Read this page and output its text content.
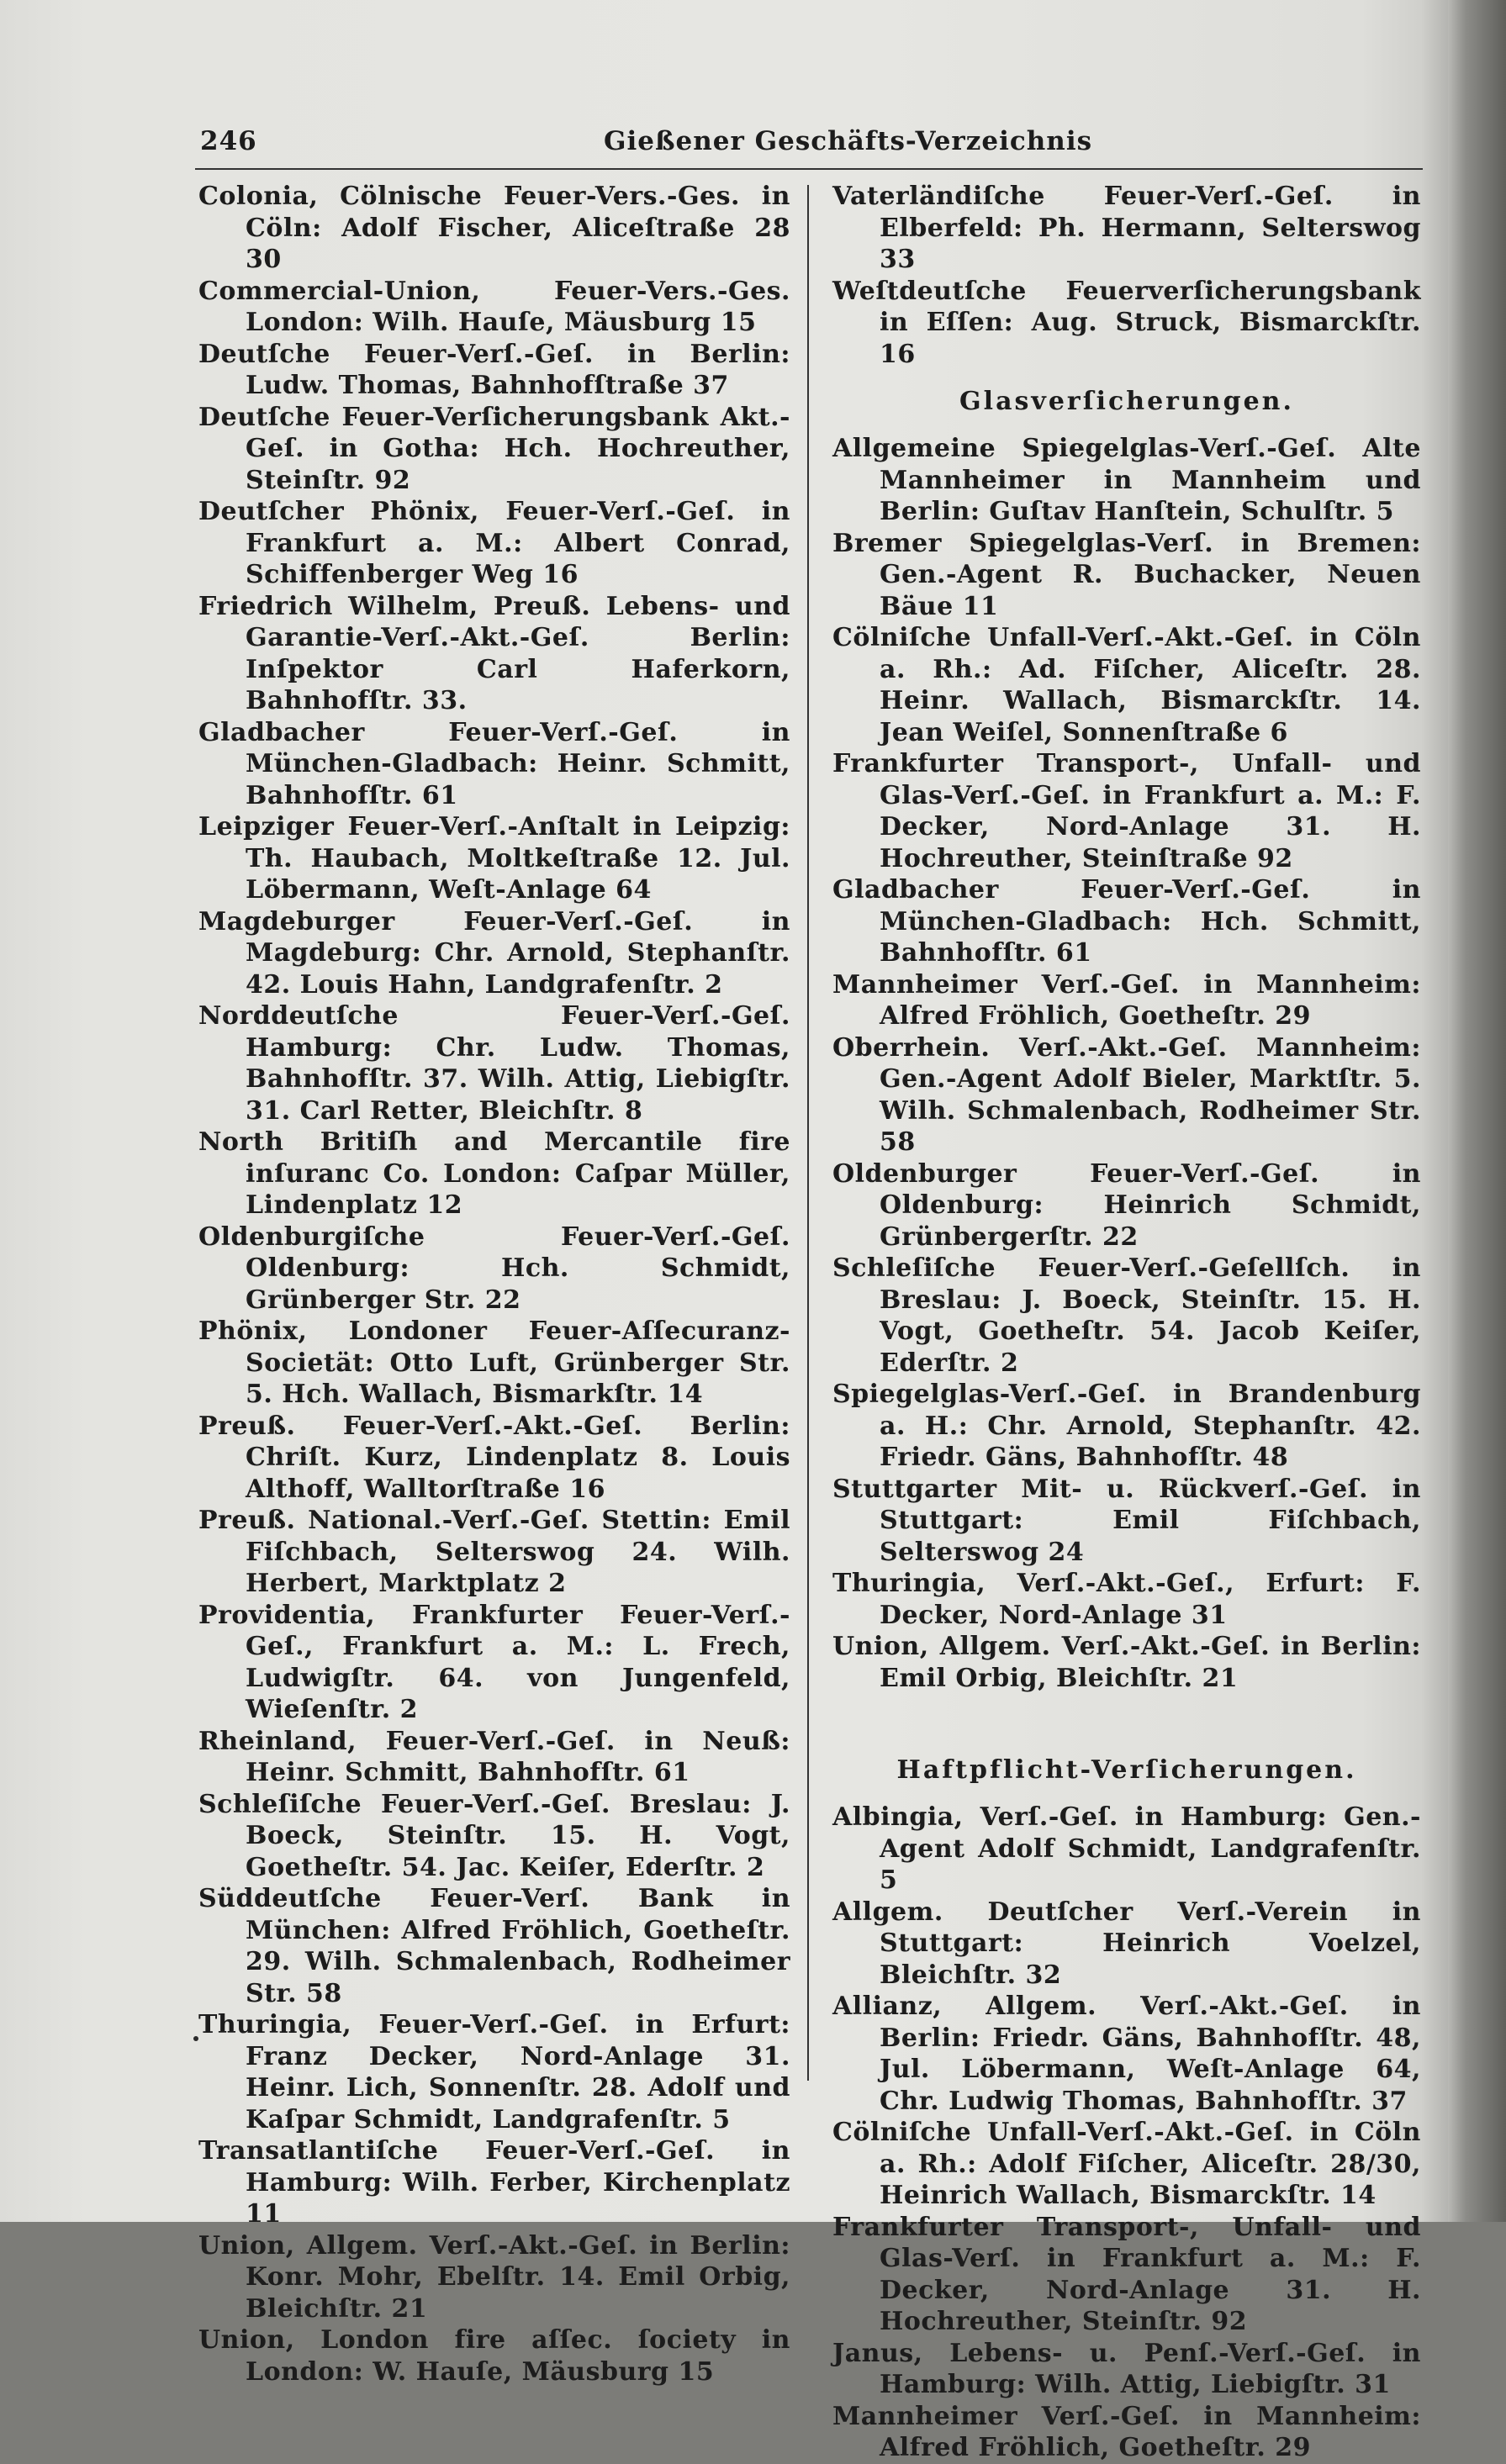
246	Gießener Geschäfts-Verzeichnis

Colonia, Cölnische Feuer-Vers.-Ges. in Cöln: Adolf Fischer, Aliceſtraße 28 30

Commercial-Union, Feuer-Vers.-Ges. London: Wilh. Hauſe, Mäusburg 15

Deutſche Feuer-Verſ.-Geſ. in Berlin: Ludw. Thomas, Bahnhofſtraße 37

Deutſche Feuer-Verſicherungsbank Akt.-Geſ. in Gotha: Hch. Hochreuther, Steinſtr. 92

Deutſcher Phönix, Feuer-Verſ.-Geſ. in Frankfurt a. M.: Albert Conrad, Schiffenberger Weg 16

Friedrich Wilhelm, Preuß. Lebens- und Garantie-Verſ.-Akt.-Geſ. Berlin: Inſpektor Carl Haferkorn, Bahnhofſtr. 33.

Gladbacher Feuer-Verſ.-Geſ. in München-Gladbach: Heinr. Schmitt, Bahnhofſtr. 61

Leipziger Feuer-Verſ.-Anſtalt in Leipzig: Th. Haubach, Moltkeſtraße 12. Jul. Löbermann, Weſt-Anlage 64

Magdeburger Feuer-Verſ.-Geſ. in Magdeburg: Chr. Arnold, Stephanſtr. 42. Louis Hahn, Landgrafenſtr. 2

Norddeutſche Feuer-Verſ.-Geſ. Hamburg: Chr. Ludw. Thomas, Bahnhofſtr. 37. Wilh. Attig, Liebigſtr. 31. Carl Retter, Bleichſtr. 8

North Britiſh and Mercantile fire inſuranc Co. London: Caſpar Müller, Lindenplatz 12

Oldenburgiſche Feuer-Verſ.-Geſ. Oldenburg: Hch. Schmidt, Grünberger Str. 22

Phönix, Londoner Feuer-Aſſecuranz-Societät: Otto Luft, Grünberger Str. 5. Hch. Wallach, Bismarkſtr. 14

Preuß. Feuer-Verſ.-Akt.-Geſ. Berlin: Chriſt. Kurz, Lindenplatz 8. Louis Althoff, Walltorſtraße 16

Preuß. National.-Verſ.-Geſ. Stettin: Emil Fiſchbach, Selterswog 24. Wilh. Herbert, Marktplatz 2

Providentia, Frankfurter Feuer-Verſ.-Geſ., Frankfurt a. M.: L. Frech, Ludwigſtr. 64. von Jungenfeld, Wieſenſtr. 2

Rheinland, Feuer-Verſ.-Geſ. in Neuß: Heinr. Schmitt, Bahnhofſtr. 61

Schleſiſche Feuer-Verſ.-Geſ. Breslau: J. Boeck, Steinſtr. 15. H. Vogt, Goetheſtr. 54. Jac. Keiſer, Ederſtr. 2

Süddeutſche Feuer-Verſ. Bank in München: Alfred Fröhlich, Goetheſtr. 29. Wilh. Schmalenbach, Rodheimer Str. 58

Thuringia, Feuer-Verſ.-Geſ. in Erfurt: Franz Decker, Nord-Anlage 31. Heinr. Lich, Sonnenſtr. 28. Adolf und Kaſpar Schmidt, Landgrafenſtr. 5

Transatlantiſche Feuer-Verſ.-Geſ. in Hamburg: Wilh. Ferber, Kirchenplatz 11

Union, Allgem. Verſ.-Akt.-Geſ. in Berlin: Konr. Mohr, Ebelſtr. 14. Emil Orbig, Bleichſtr. 21

Union, London fire aſſec. ſociety in London: W. Hauſe, Mäusburg 15

Vaterländiſche Feuer-Verſ.-Geſ. in Elberfeld: Ph. Hermann, Selterswog 33

Weſtdeutſche Feuerverſicherungsbank in Eſſen: Aug. Struck, Bismarckſtr. 16

Glasverſicherungen.

Allgemeine Spiegelglas-Verſ.-Geſ. Alte Mannheimer in Mannheim und Berlin: Guſtav Hanſtein, Schulſtr. 5

Bremer Spiegelglas-Verſ. in Bremen: Gen.-Agent R. Buchacker, Neuen Bäue 11

Cölniſche Unfall-Verſ.-Akt.-Geſ. in Cöln a. Rh.: Ad. Fiſcher, Aliceſtr. 28. Heinr. Wallach, Bismarckſtr. 14. Jean Weiſel, Sonnenſtraße 6

Frankfurter Transport-, Unfall- und Glas-Verſ.-Geſ. in Frankfurt a. M.: F. Decker, Nord-Anlage 31. H. Hochreuther, Steinſtraße 92

Gladbacher Feuer-Verſ.-Geſ. in München-Gladbach: Hch. Schmitt, Bahnhofſtr. 61

Mannheimer Verſ.-Geſ. in Mannheim: Alfred Fröhlich, Goetheſtr. 29

Oberrhein. Verſ.-Akt.-Geſ. Mannheim: Gen.-Agent Adolf Bieler, Marktſtr. 5. Wilh. Schmalenbach, Rodheimer Str. 58

Oldenburger Feuer-Verſ.-Geſ. in Oldenburg: Heinrich Schmidt, Grünbergerſtr. 22

Schleſiſche Feuer-Verſ.-Geſellſch. in Breslau: J. Boeck, Steinſtr. 15. H. Vogt, Goetheſtr. 54. Jacob Keiſer, Ederſtr. 2

Spiegelglas-Verſ.-Geſ. in Brandenburg a. H.: Chr. Arnold, Stephanſtr. 42. Friedr. Gäns, Bahnhofſtr. 48

Stuttgarter Mit- u. Rückverſ.-Geſ. in Stuttgart: Emil Fiſchbach, Selterswog 24

Thuringia, Verſ.-Akt.-Geſ., Erfurt: F. Decker, Nord-Anlage 31

Union, Allgem. Verſ.-Akt.-Geſ. in Berlin: Emil Orbig, Bleichſtr. 21

Haftpflicht-Verſicherungen.

Albingia, Verſ.-Geſ. in Hamburg: Gen.-Agent Adolf Schmidt, Landgrafenſtr. 5

Allgem. Deutſcher Verſ.-Verein in Stuttgart: Heinrich Voelzel, Bleichſtr. 32

Allianz, Allgem. Verſ.-Akt.-Geſ. in Berlin: Friedr. Gäns, Bahnhofſtr. 48, Jul. Löbermann, Weſt-Anlage 64, Chr. Ludwig Thomas, Bahnhofſtr. 37

Cölniſche Unfall-Verſ.-Akt.-Geſ. in Cöln a. Rh.: Adolf Fiſcher, Aliceſtr. 28/30, Heinrich Wallach, Bismarckſtr. 14

Frankfurter Transport-, Unfall- und Glas-Verſ. in Frankfurt a. M.: F. Decker, Nord-Anlage 31. H. Hochreuther, Steinſtr. 92

Janus, Lebens- u. Penſ.-Verſ.-Geſ. in Hamburg: Wilh. Attig, Liebigſtr. 31

Mannheimer Verſ.-Geſ. in Mannheim: Alfred Fröhlich, Goetheſtr. 29
